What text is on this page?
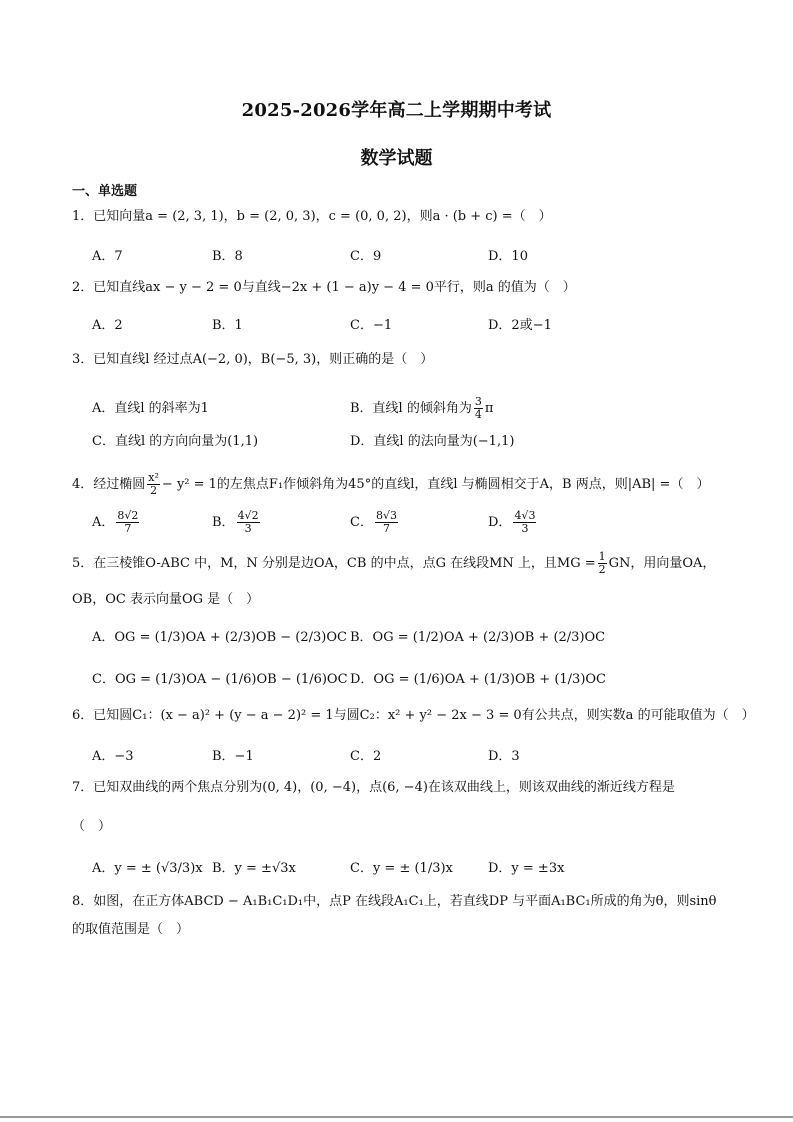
2025-2026学年高二上学期期中考试
数学试题
一、单选题
1．已知向量a = (2, 3, 1)，b = (2, 0, 3)，c = (0, 0, 2)，则a · (b + c) =（　）
A．7	B．8	C．9	D．10
2．已知直线ax − y − 2 = 0与直线−2x + (1 − a)y − 4 = 0平行，则a 的值为（　）
A．2	B．1	C．−1	D．2或−1
3．已知直线l 经过点A(−2, 0)，B(−5, 3)，则正确的是（　）
A．直线l 的斜率为1	B．直线l 的倾斜角为 $\frac{3}{4}$ π
C．直线l 的方向向量为(1,1)	D．直线l 的法向量为(−1,1)
4．经过椭圆 $\frac{\text{x²}}{2} - y^2 = 1$的左焦点F₁作倾斜角为45°的直线l，直线l 与椭圆相交于A，B 两点，则|AB| =（　）
A． $\frac{8√2}{7}$	B． $\frac{4√2}{3}$	C． $\frac{8√3}{7}$	D． $\frac{4√3}{3}$
5．在三棱锥O-ABC 中，M，N 分别是边OA，CB 的中点，点G 在线段MN 上，且MG = $\frac{1}{2}$ GN，用向量OA，
OB，OC 表示向量OG 是（　）
A．OG = (1/3)OA + (2/3)OB − (2/3)OC B．OG = (1/2)OA + (2/3)OB + (2/3)OC
C．OG = (1/3)OA − (1/6)OB − (1/6)OC D．OG = (1/6)OA + (1/3)OB + (1/3)OC
6．已知圆C₁：(x − a)² + (y − a − 2)² = 1与圆C₂：x² + y² − 2x − 3 = 0有公共点，则实数a 的可能取值为（　）
A．−3	B．−1	C．2	D．3
7．已知双曲线的两个焦点分别为(0, 4)，(0, −4)，点(6, −4)在该双曲线上，则该双曲线的渐近线方程是
（　）
A．y = ± (√3/3)x B．y = ±√3x	C．y = ± (1/3)x	D．y = ±3x
8．如图，在正方体ABCD − A₁B₁C₁D₁中，点P 在线段A₁C₁上，若直线DP 与平面A₁BC₁所成的角为θ，则sinθ
的取值范围是（　）
